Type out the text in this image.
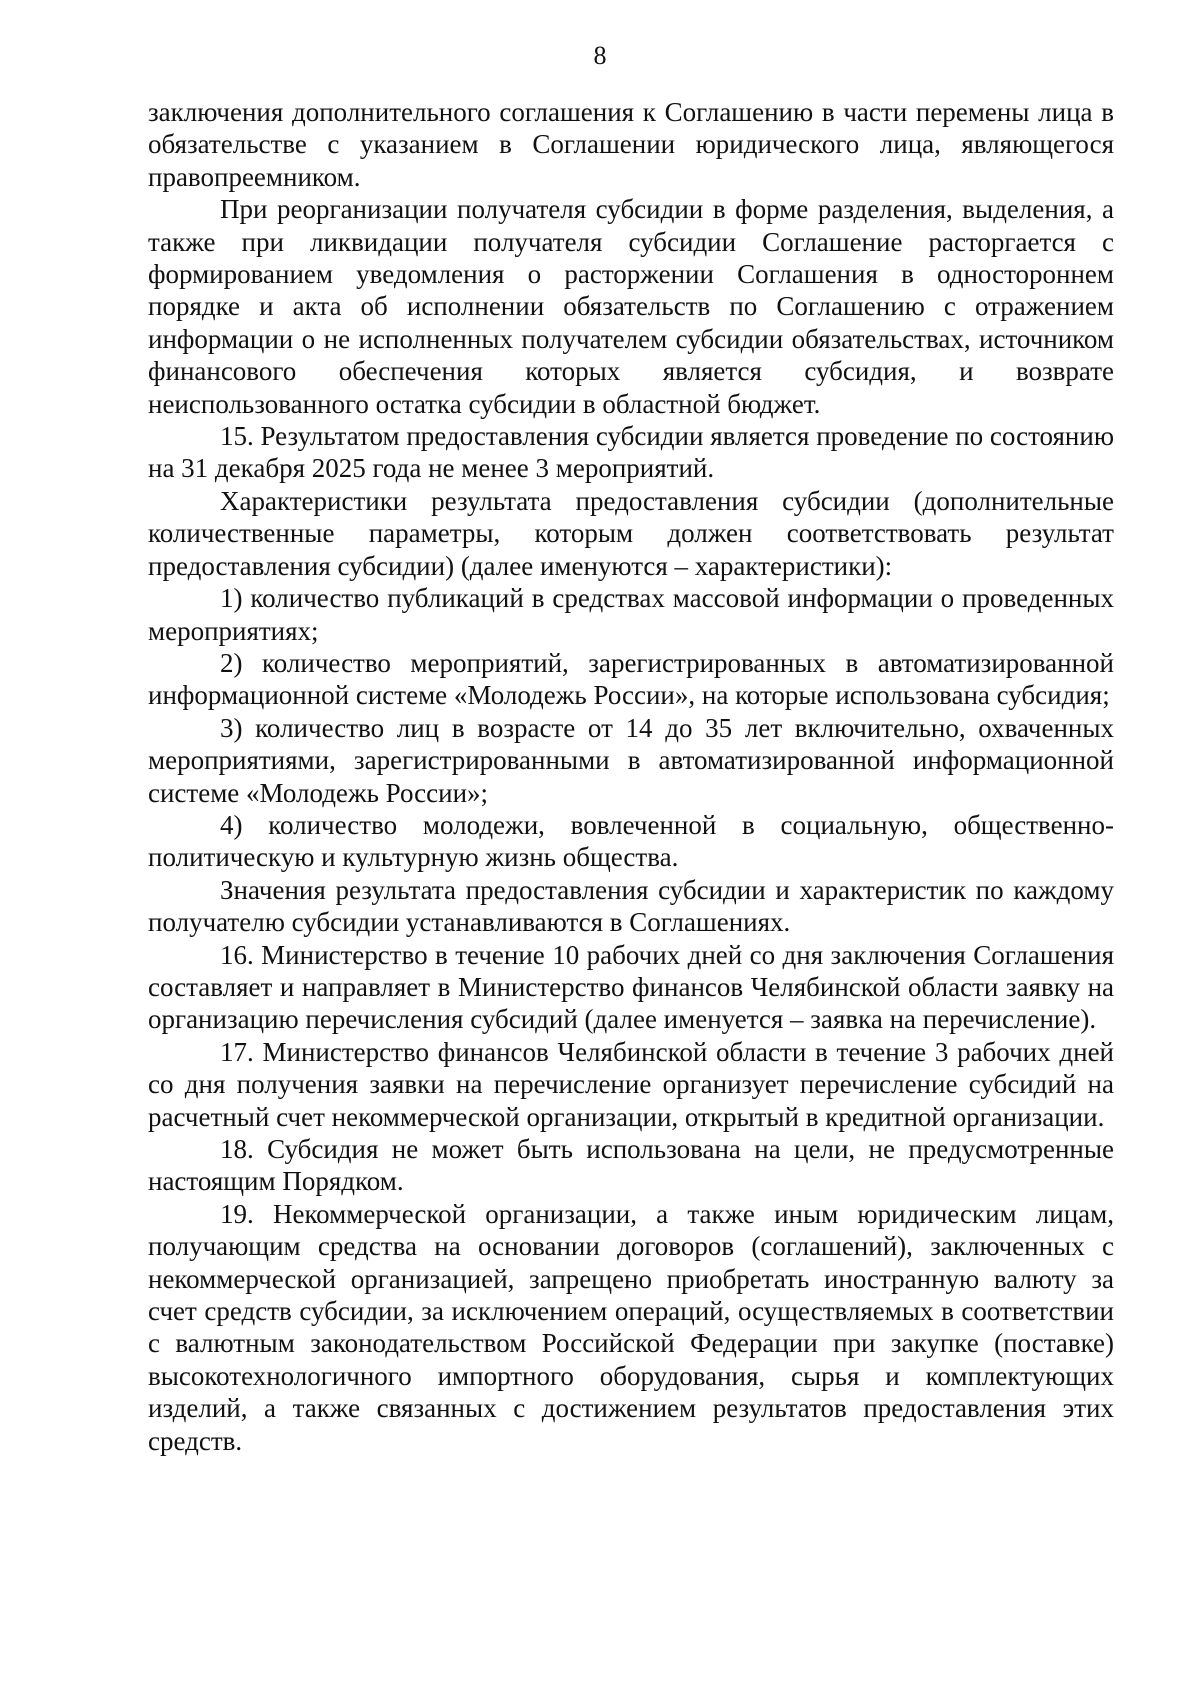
8

заключения дополнительного соглашения к Соглашению в части перемены лица в обязательстве с указанием в Соглашении юридического лица, являющегося правопреемником.

При реорганизации получателя субсидии в форме разделения, выделения, а также при ликвидации получателя субсидии Соглашение расторгается с формированием уведомления о расторжении Соглашения в одностороннем порядке и акта об исполнении обязательств по Соглашению с отражением информации о не исполненных получателем субсидии обязательствах, источником финансового обеспечения которых является субсидия, и возврате неиспользованного остатка субсидии в областной бюджет.

15. Результатом предоставления субсидии является проведение по состоянию на 31 декабря 2025 года не менее 3 мероприятий.

Характеристики результата предоставления субсидии (дополнительные количественные параметры, которым должен соответствовать результат предоставления субсидии) (далее именуются – характеристики):

1) количество публикаций в средствах массовой информации о проведенных мероприятиях;

2) количество мероприятий, зарегистрированных в автоматизированной информационной системе «Молодежь России», на которые использована субсидия;

3) количество лиц в возрасте от 14 до 35 лет включительно, охваченных мероприятиями, зарегистрированными в автоматизированной информационной системе «Молодежь России»;

4) количество молодежи, вовлеченной в социальную, общественно-политическую и культурную жизнь общества.

Значения результата предоставления субсидии и характеристик по каждому получателю субсидии устанавливаются в Соглашениях.

16. Министерство в течение 10 рабочих дней со дня заключения Соглашения составляет и направляет в Министерство финансов Челябинской области заявку на организацию перечисления субсидий (далее именуется – заявка на перечисление).

17. Министерство финансов Челябинской области в течение 3 рабочих дней со дня получения заявки на перечисление организует перечисление субсидий на расчетный счет некоммерческой организации, открытый в кредитной организации.

18. Субсидия не может быть использована на цели, не предусмотренные настоящим Порядком.

19. Некоммерческой организации, а также иным юридическим лицам, получающим средства на основании договоров (соглашений), заключенных с некоммерческой организацией, запрещено приобретать иностранную валюту за счет средств субсидии, за исключением операций, осуществляемых в соответствии с валютным законодательством Российской Федерации при закупке (поставке) высокотехнологичного импортного оборудования, сырья и комплектующих изделий, а также связанных с достижением результатов предоставления этих средств.
